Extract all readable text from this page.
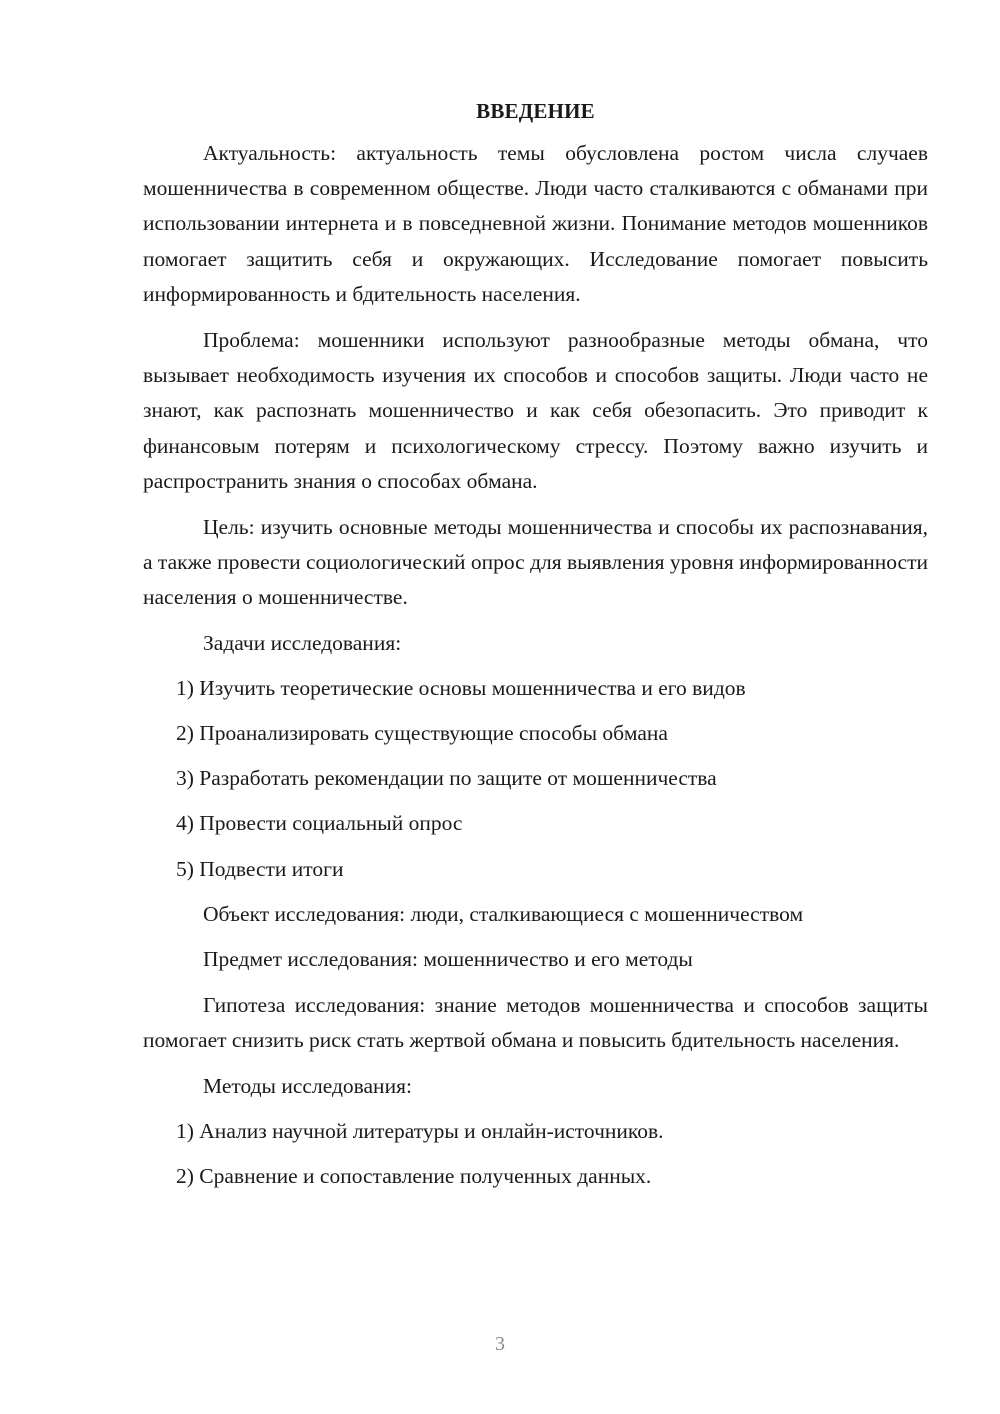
ВВЕДЕНИЕ

Актуальность: актуальность темы обусловлена ростом числа случаев мошенничества в современном обществе. Люди часто сталкиваются с обманами при использовании интернета и в повседневной жизни. Понимание методов мошенников помогает защитить себя и окружающих. Исследование помогает повысить информированность и бдительность населения.

Проблема: мошенники используют разнообразные методы обмана, что вызывает необходимость изучения их способов и способов защиты. Люди часто не знают, как распознать мошенничество и как себя обезопасить. Это приводит к финансовым потерям и психологическому стрессу. Поэтому важно изучить и распространить знания о способах обмана.

Цель: изучить основные методы мошенничества и способы их распознавания, а также провести социологический опрос для выявления уровня информированности населения о мошенничестве.

Задачи исследования:

1) Изучить теоретические основы мошенничества и его видов

2) Проанализировать существующие способы обмана

3) Разработать рекомендации по защите от мошенничества

4) Провести социальный опрос

5) Подвести итоги

Объект исследования: люди, сталкивающиеся с мошенничеством

Предмет исследования: мошенничество и его методы

Гипотеза исследования: знание методов мошенничества и способов защиты помогает снизить риск стать жертвой обмана и повысить бдительность населения.

Методы исследования:

1) Анализ научной литературы и онлайн-источников.

2) Сравнение и сопоставление полученных данных.

3
